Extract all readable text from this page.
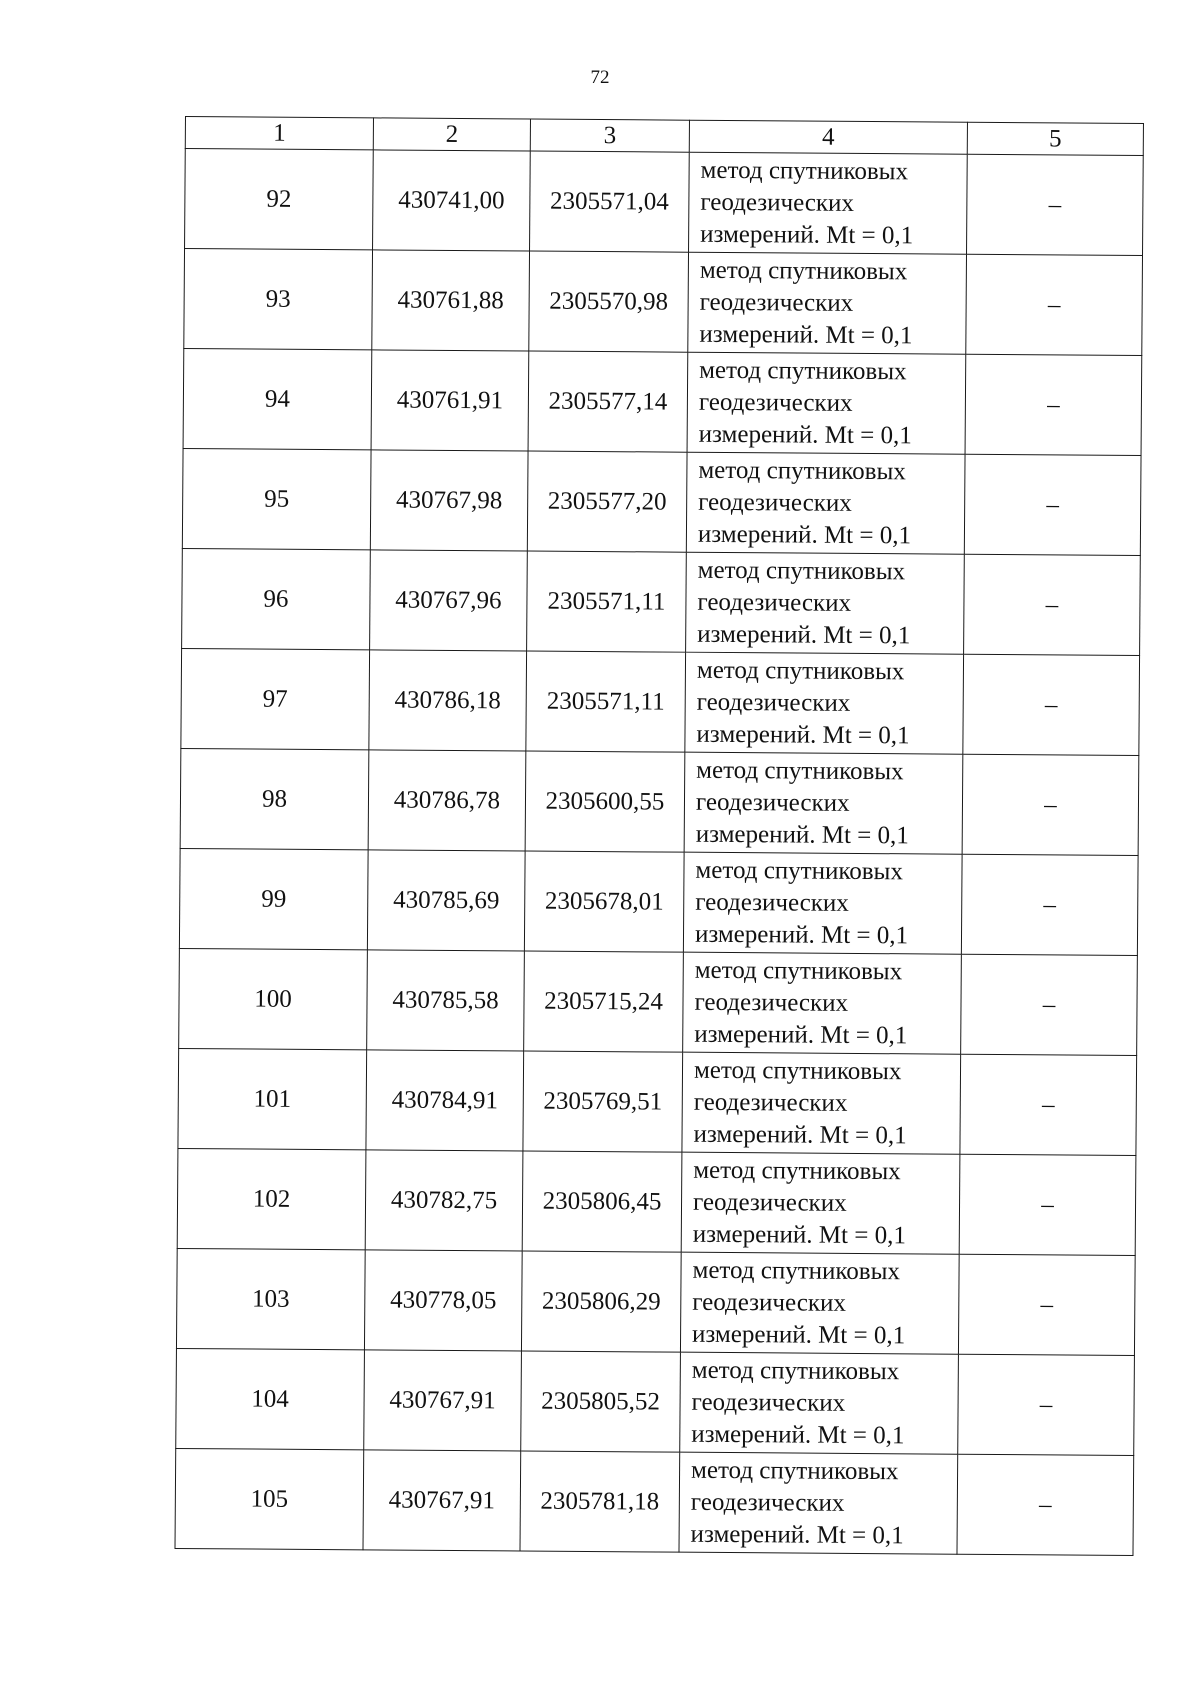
72
1	2	3	4	5
92	430741,00	2305571,04	метод спутниковых
геодезических
измерений. Mt = 0,1	–
93	430761,88	2305570,98	метод спутниковых
геодезических
измерений. Mt = 0,1	–
94	430761,91	2305577,14	метод спутниковых
геодезических
измерений. Mt = 0,1	–
95	430767,98	2305577,20	метод спутниковых
геодезических
измерений. Mt = 0,1	–
96	430767,96	2305571,11	метод спутниковых
геодезических
измерений. Mt = 0,1	–
97	430786,18	2305571,11	метод спутниковых
геодезических
измерений. Mt = 0,1	–
98	430786,78	2305600,55	метод спутниковых
геодезических
измерений. Mt = 0,1	–
99	430785,69	2305678,01	метод спутниковых
геодезических
измерений. Mt = 0,1	–
100	430785,58	2305715,24	метод спутниковых
геодезических
измерений. Mt = 0,1	–
101	430784,91	2305769,51	метод спутниковых
геодезических
измерений. Mt = 0,1	–
102	430782,75	2305806,45	метод спутниковых
геодезических
измерений. Mt = 0,1	–
103	430778,05	2305806,29	метод спутниковых
геодезических
измерений. Mt = 0,1	–
104	430767,91	2305805,52	метод спутниковых
геодезических
измерений. Mt = 0,1	–
105	430767,91	2305781,18	метод спутниковых
геодезических
измерений. Mt = 0,1	–
